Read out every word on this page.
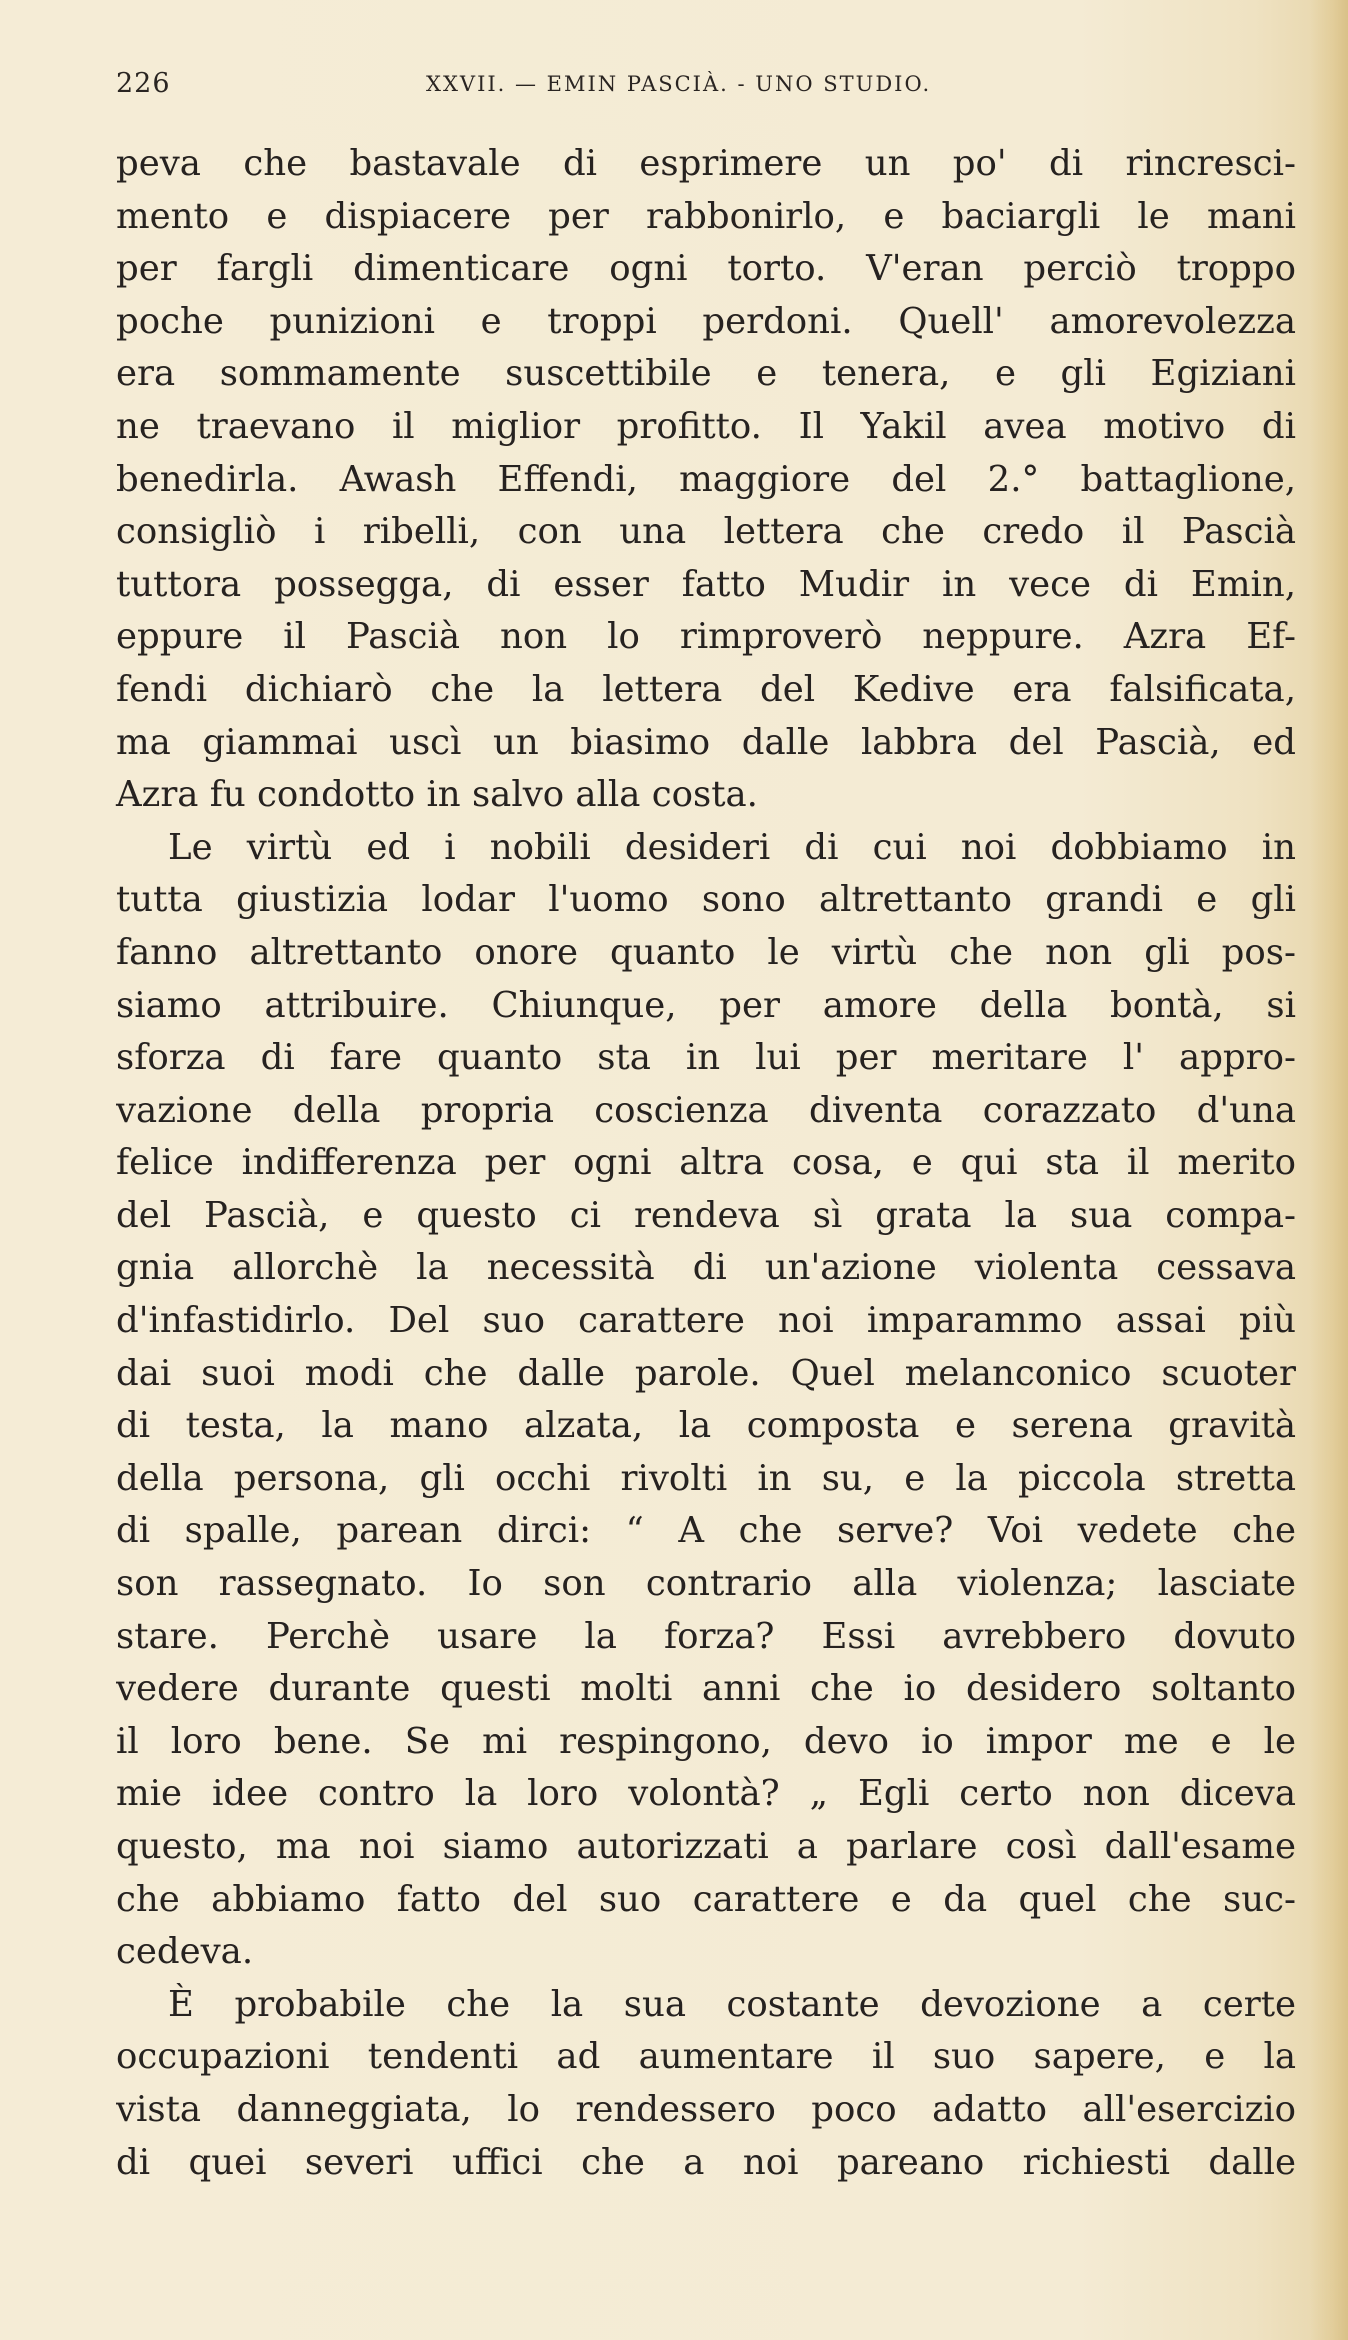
226	XXVII. — EMIN PASCIÀ. - UNO STUDIO.
peva che bastavale di esprimere un po' di rincresci-
mento e dispiacere per rabbonirlo, e baciargli le mani
per fargli dimenticare ogni torto. V'eran perciò troppo
poche punizioni e troppi perdoni. Quell' amorevolezza
era sommamente suscettibile e tenera, e gli Egiziani
ne traevano il miglior profitto. Il Yakil avea motivo di
benedirla. Awash Effendi, maggiore del 2.° battaglione,
consigliò i ribelli, con una lettera che credo il Pascià
tuttora possegga, di esser fatto Mudir in vece di Emin,
eppure il Pascià non lo rimproverò neppure. Azra Ef-
fendi dichiarò che la lettera del Kedive era falsificata,
ma giammai uscì un biasimo dalle labbra del Pascià, ed
Azra fu condotto in salvo alla costa.
Le virtù ed i nobili desideri di cui noi dobbiamo in
tutta giustizia lodar l'uomo sono altrettanto grandi e gli
fanno altrettanto onore quanto le virtù che non gli pos-
siamo attribuire. Chiunque, per amore della bontà, si
sforza di fare quanto sta in lui per meritare l' appro-
vazione della propria coscienza diventa corazzato d'una
felice indifferenza per ogni altra cosa, e qui sta il merito
del Pascià, e questo ci rendeva sì grata la sua compa-
gnia allorchè la necessità di un'azione violenta cessava
d'infastidirlo. Del suo carattere noi imparammo assai più
dai suoi modi che dalle parole. Quel melanconico scuoter
di testa, la mano alzata, la composta e serena gravità
della persona, gli occhi rivolti in su, e la piccola stretta
di spalle, parean dirci: “ A che serve? Voi vedete che
son rassegnato. Io son contrario alla violenza; lasciate
stare. Perchè usare la forza? Essi avrebbero dovuto
vedere durante questi molti anni che io desidero soltanto
il loro bene. Se mi respingono, devo io impor me e le
mie idee contro la loro volontà? „ Egli certo non diceva
questo, ma noi siamo autorizzati a parlare così dall'esame
che abbiamo fatto del suo carattere e da quel che suc-
cedeva.
È probabile che la sua costante devozione a certe
occupazioni tendenti ad aumentare il suo sapere, e la
vista danneggiata, lo rendessero poco adatto all'esercizio
di quei severi uffici che a noi pareano richiesti dalle
